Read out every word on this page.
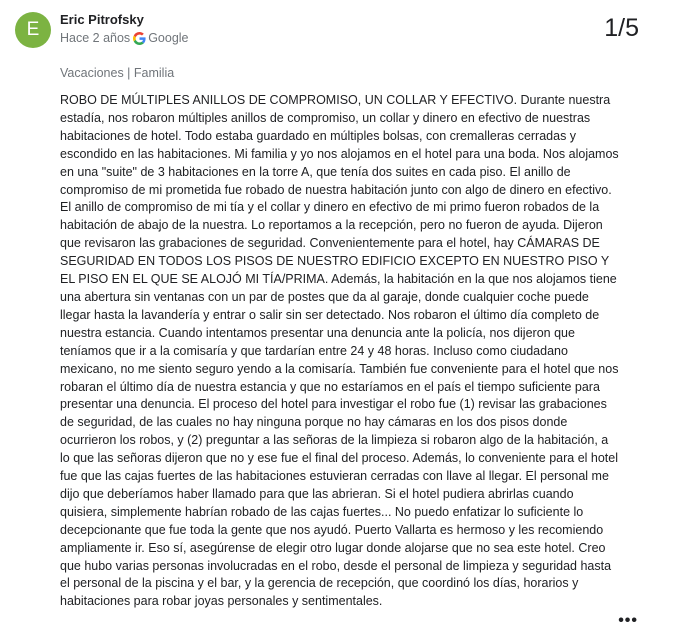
E	Eric Pitrofsky
Hace 2 años Google	1/5
Vacaciones | Familia

ROBO DE MÚLTIPLES ANILLOS DE COMPROMISO, UN COLLAR Y EFECTIVO. Durante nuestra estadía, nos robaron múltiples anillos de compromiso, un collar y dinero en efectivo de nuestras habitaciones de hotel. Todo estaba guardado en múltiples bolsas, con cremalleras cerradas y escondido en las habitaciones. Mi familia y yo nos alojamos en el hotel para una boda. Nos alojamos en una "suite" de 3 habitaciones en la torre A, que tenía dos suites en cada piso. El anillo de compromiso de mi prometida fue robado de nuestra habitación junto con algo de dinero en efectivo. El anillo de compromiso de mi tía y el collar y dinero en efectivo de mi primo fueron robados de la habitación de abajo de la nuestra. Lo reportamos a la recepción, pero no fueron de ayuda. Dijeron que revisaron las grabaciones de seguridad. Convenientemente para el hotel, hay CÁMARAS DE SEGURIDAD EN TODOS LOS PISOS DE NUESTRO EDIFICIO EXCEPTO EN NUESTRO PISO Y EL PISO EN EL QUE SE ALOJÓ MI TÍA/PRIMA. Además, la habitación en la que nos alojamos tiene una abertura sin ventanas con un par de postes que da al garaje, donde cualquier coche puede llegar hasta la lavandería y entrar o salir sin ser detectado. Nos robaron el último día completo de nuestra estancia. Cuando intentamos presentar una denuncia ante la policía, nos dijeron que teníamos que ir a la comisaría y que tardarían entre 24 y 48 horas. Incluso como ciudadano mexicano, no me siento seguro yendo a la comisaría. También fue conveniente para el hotel que nos robaran el último día de nuestra estancia y que no estaríamos en el país el tiempo suficiente para presentar una denuncia. El proceso del hotel para investigar el robo fue (1) revisar las grabaciones de seguridad, de las cuales no hay ninguna porque no hay cámaras en los dos pisos donde ocurrieron los robos, y (2) preguntar a las señoras de la limpieza si robaron algo de la habitación, a lo que las señoras dijeron que no y ese fue el final del proceso. Además, lo conveniente para el hotel fue que las cajas fuertes de las habitaciones estuvieran cerradas con llave al llegar. El personal me dijo que deberíamos haber llamado para que las abrieran. Si el hotel pudiera abrirlas cuando quisiera, simplemente habrían robado de las cajas fuertes... No puedo enfatizar lo suficiente lo decepcionante que fue toda la gente que nos ayudó. Puerto Vallarta es hermoso y les recomiendo ampliamente ir. Eso sí, asegúrense de elegir otro lugar donde alojarse que no sea este hotel. Creo que hubo varias personas involucradas en el robo, desde el personal de limpieza y seguridad hasta el personal de la piscina y el bar, y la gerencia de recepción, que coordinó los días, horarios y habitaciones para robar joyas personales y sentimentales.

•••
